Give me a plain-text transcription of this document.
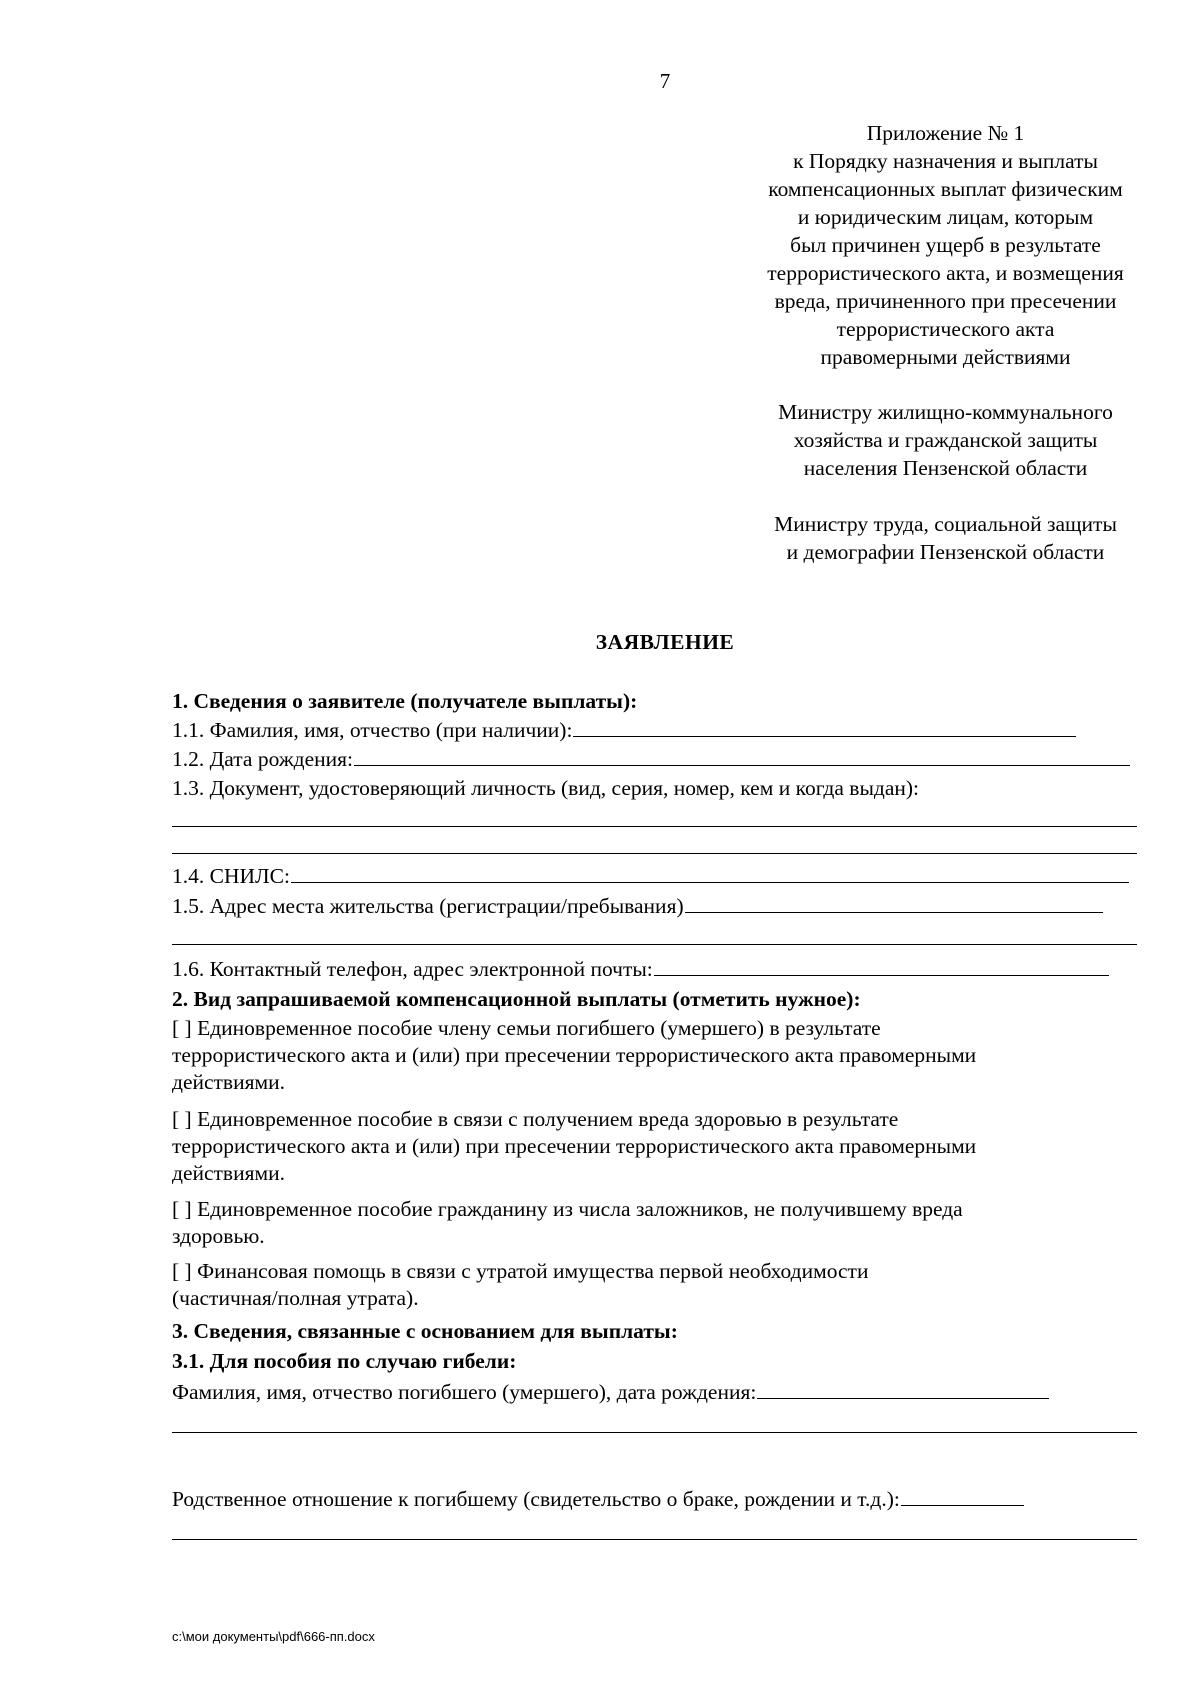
7
Приложение № 1
к Порядку назначения и выплаты
компенсационных выплат физическим
и юридическим лицам, которым
был причинен ущерб в результате
террористического акта, и возмещения
вреда, причиненного при пресечении
террористического акта
правомерными действиями
Министру жилищно-коммунального
хозяйства и гражданской защиты
населения Пензенской области
Министру труда, социальной защиты
и демографии Пензенской области
ЗАЯВЛЕНИЕ
1. Сведения о заявителе (получателе выплаты):
1.1. Фамилия, имя, отчество (при наличии):
1.2. Дата рождения:
1.3. Документ, удостоверяющий личность (вид, серия, номер, кем и когда выдан):
1.4. СНИЛС:
1.5. Адрес места жительства (регистрации/пребывания)
1.6. Контактный телефон, адрес электронной почты:
2. Вид запрашиваемой компенсационной выплаты (отметить нужное):
[ ] Единовременное пособие члену семьи погибшего (умершего) в результате
террористического акта и (или) при пресечении террористического акта правомерными
действиями.
[ ] Единовременное пособие в связи с получением вреда здоровью в результате
террористического акта и (или) при пресечении террористического акта правомерными
действиями.
[ ] Единовременное пособие гражданину из числа заложников, не получившему вреда
здоровью.
[ ] Финансовая помощь в связи с утратой имущества первой необходимости
(частичная/полная утрата).
3. Сведения, связанные с основанием для выплаты:
3.1. Для пособия по случаю гибели:
Фамилия, имя, отчество погибшего (умершего), дата рождения:
Родственное отношение к погибшему (свидетельство о браке, рождении и т.д.):
c:\мои документы\pdf\666-пп.docx
